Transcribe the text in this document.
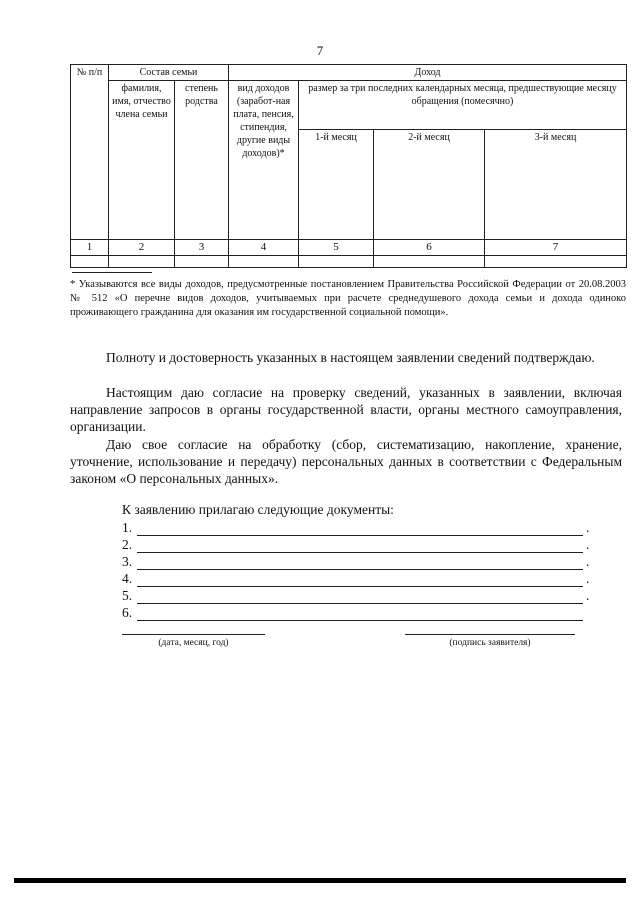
7
№ п/п	Состав семьи		Доход			
	фамилия, имя, отчество члена семьи	степень родства	вид доходов (заработ-ная плата, пенсия, стипендия, другие виды доходов)*	размер за три последних календарных месяца, предшествующие месяцу обращения (помесячно)		
				1-й месяц	2-й месяц	3-й месяц
1	2	3	4	5	6	7

* Указываются все виды доходов, предусмотренные постановлением Правительства Российской Федерации от 20.08.2003 № 512 «О перечне видов доходов, учитываемых при расчете среднедушевого дохода семьи и дохода одиноко проживающего гражданина для оказания им государственной социальной помощи».
Полноту и достоверность указанных в настоящем заявлении сведений подтверждаю.
Настоящим даю согласие на проверку сведений, указанных в заявлении, включая направление запросов в органы государственной власти, органы местного самоуправления, организации.
Даю свое согласие на обработку (сбор, систематизацию, накопление, хранение, уточнение, использование и передачу) персональных данных в соответствии с Федеральным законом «О персональных данных».
К заявлению прилагаю следующие документы:
1.	.
2.	.
3.	.
4.	.
5.	.
6.
(дата, месяц, год)	(подпись заявителя)
